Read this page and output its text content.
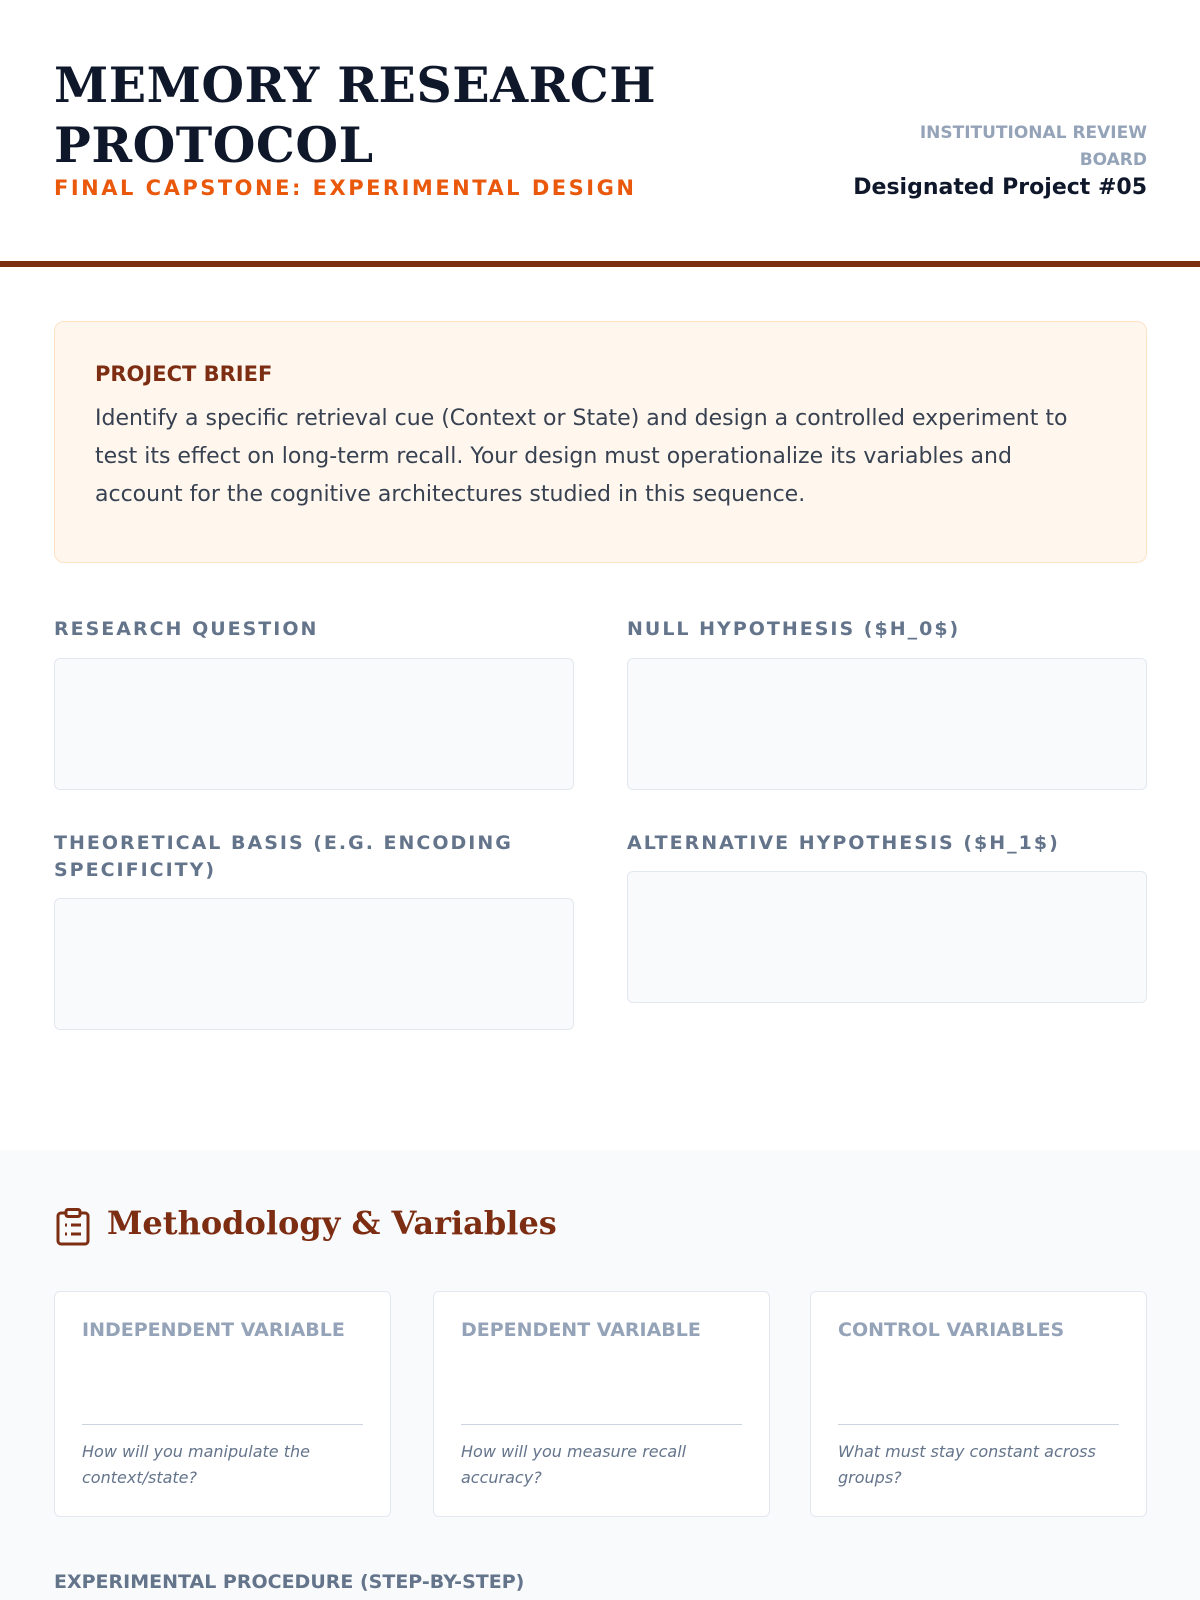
MEMORY RESEARCH PROTOCOL
FINAL CAPSTONE: EXPERIMENTAL DESIGN
INSTITUTIONAL REVIEW BOARD
Designated Project #05
PROJECT BRIEF
Identify a specific retrieval cue (Context or State) and design a controlled experiment to test its effect on long-term recall. Your design must operationalize its variables and account for the cognitive architectures studied in this sequence.
RESEARCH QUESTION	NULL HYPOTHESIS ($H_0$)
THEORETICAL BASIS (E.G. ENCODING SPECIFICITY)
ALTERNATIVE HYPOTHESIS ($H_1$)
Methodology & Variables
INDEPENDENT VARIABLE
How will you manipulate the context/state?
DEPENDENT VARIABLE
How will you measure recall accuracy?
CONTROL VARIABLES
What must stay constant across groups?
EXPERIMENTAL PROCEDURE (STEP-BY-STEP)
